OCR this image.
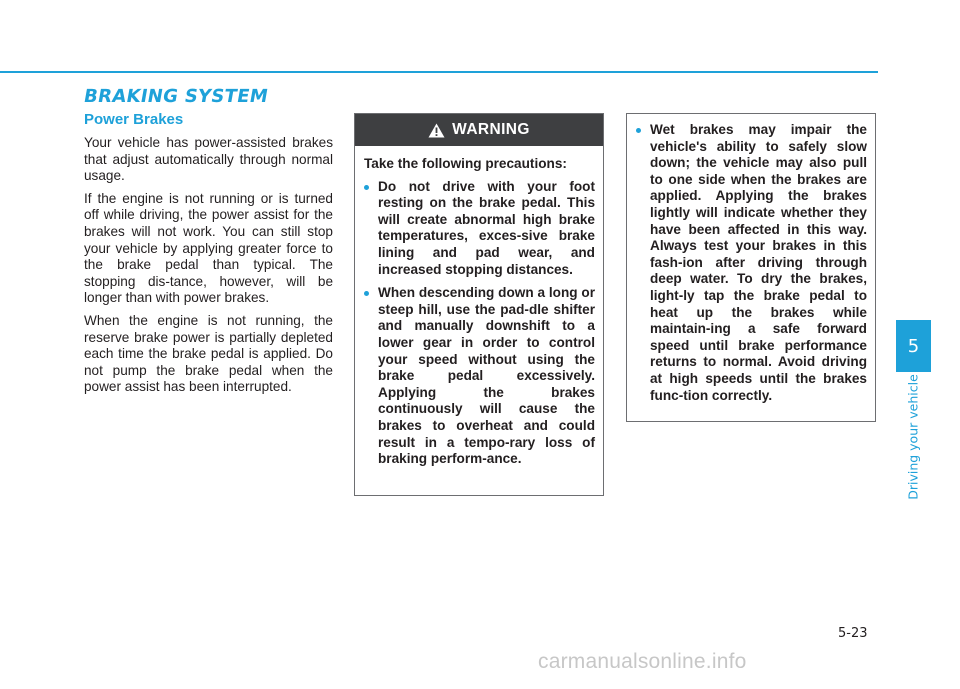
BRAKING SYSTEM
Power Brakes

Your vehicle has power-assisted brakes that adjust automatically through normal usage.

If the engine is not running or is turned off while driving, the power assist for the brakes will not work. You can still stop your vehicle by applying greater force to the brake pedal than typical. The stopping dis-tance, however, will be longer than with power brakes.

When the engine is not running, the reserve brake power is partially depleted each time the brake pedal is applied. Do not pump the brake pedal when the power assist has been interrupted.

WARNING

Take the following precautions:

Do not drive with your foot resting on the brake pedal. This will create abnormal high brake temperatures, exces-sive brake lining and pad wear, and increased stopping distances.
When descending down a long or steep hill, use the pad-dle shifter and manually downshift to a lower gear in order to control your speed without using the brake pedal excessively. Applying the brakes continuously will cause the brakes to overheat and could result in a tempo-rary loss of braking perform-ance.
Wet brakes may impair the vehicle's ability to safely slow down; the vehicle may also pull to one side when the brakes are applied. Applying the brakes lightly will indicate whether they have been affected in this way. Always test your brakes in this fash-ion after driving through deep water. To dry the brakes, light-ly tap the brake pedal to heat up the brakes while maintain-ing a safe forward speed until brake performance returns to normal. Avoid driving at high speeds until the brakes func-tion correctly.
5
Driving your vehicle
5-23
carmanualsonline.info
